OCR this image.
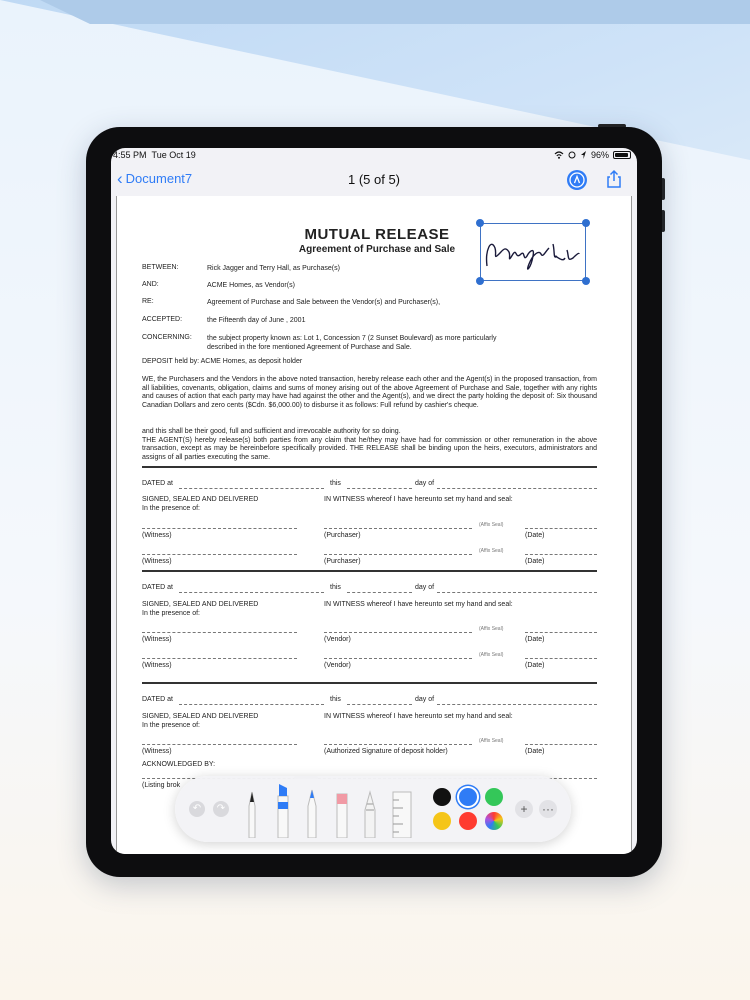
4:55 PM Tue Oct 19	96%
‹ Document7	1 (5 of 5)
MUTUAL RELEASE
Agreement of Purchase and Sale
BETWEEN:	Rick Jagger and Terry Hall, as Purchase(s)
AND:	ACME Homes, as Vendor(s)
RE:	Agreement of Purchase and Sale between the Vendor(s) and Purchaser(s),
ACCEPTED:	the Fifteenth day of June , 2001
CONCERNING: the subject property known as: Lot 1, Concession 7 (2 Sunset Boulevard) as more particularly described in the fore mentioned Agreement of Purchase and Sale.
DEPOSIT held by: ACME Homes, as deposit holder
WE, the Purchasers and the Vendors in the above noted transaction, hereby release each other and the Agent(s) in the proposed transaction, from all liabilities, covenants, obligation, claims and sums of money arising out of the above Agreement of Purchase and Sale, together with any rights and causes of action that each party may have had against the other and the Agent(s), and we direct the party holding the deposit of: Six thousand Canadian Dollars and zero cents ($Cdn. $6,000.00) to disburse it as follows: Full refund by cashier's cheque.
and this shall be their good, full and sufficient and irrevocable authority for so doing.
THE AGENT(S) hereby release(s) both parties from any claim that he/they may have had for commission or other remuneration in the above transaction, except as may be hereinbefore specifically provided. THE RELEASE shall be binding upon the heirs, executors, administrators and assigns of all parties executing the same.
DATED at	this	day of
SIGNED, SEALED AND DELIVERED
In the presence of:
IN WITNESS whereof I have hereunto set my hand and seal:
(Affix Seal)
(Witness)	(Purchaser)	(Date)
(Affix Seal)
(Witness)	(Purchaser)	(Date)
DATED at	this	day of
SIGNED, SEALED AND DELIVERED
In the presence of:
IN WITNESS whereof I have hereunto set my hand and seal:
(Affix Seal)
(Witness)	(Vendor)	(Date)
(Affix Seal)
(Witness)	(Vendor)	(Date)
DATED at	this	day of
SIGNED, SEALED AND DELIVERED
In the presence of:
IN WITNESS whereof I have hereunto set my hand and seal:
(Affix Seal)
(Witness)	(Authorized Signature of deposit holder)	(Date)
ACKNOWLEDGED BY:
(Listing brok
↶	↷	+	···
